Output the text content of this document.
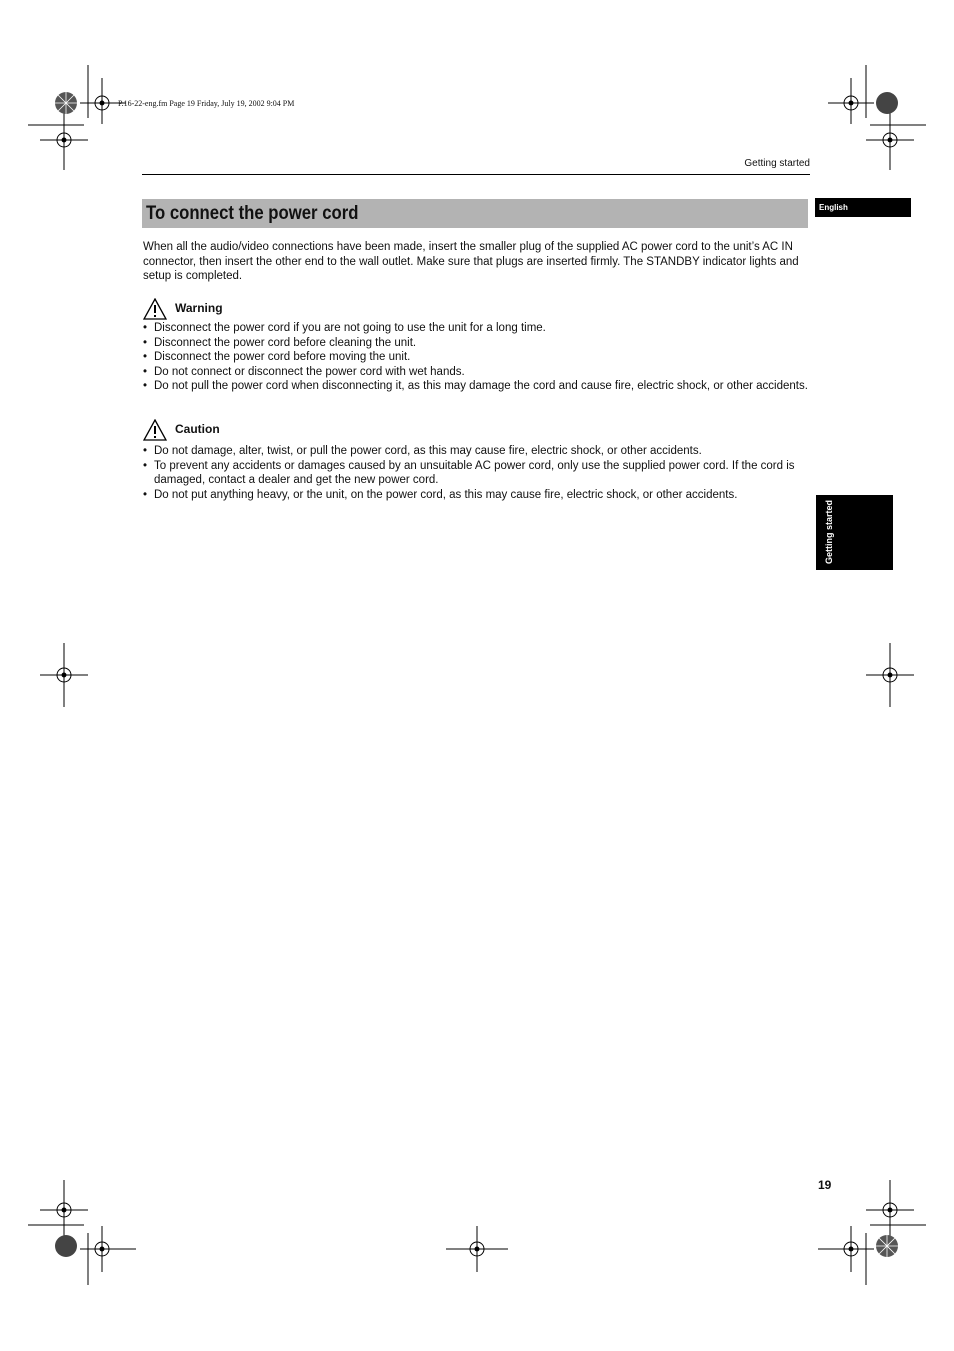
P.16-22-eng.fm Page 19 Friday, July 19, 2002 9:04 PM
Getting started
English
To connect the power cord
When all the audio/video connections have been made, insert the smaller plug of the supplied AC power cord to the unit’s AC IN connector, then insert the other end to the wall outlet. Make sure that plugs are inserted firmly. The STANDBY indicator lights and setup is completed.
Warning
• Disconnect the power cord if you are not going to use the unit for a long time.
• Disconnect the power cord before cleaning the unit.
• Disconnect the power cord before moving the unit.
• Do not connect or disconnect the power cord with wet hands.
• Do not pull the power cord when disconnecting it, as this may damage the cord and cause fire, electric shock, or other accidents.
Caution
• Do not damage, alter, twist, or pull the power cord, as this may cause fire, electric shock, or other accidents.
• To prevent any accidents or damages caused by an unsuitable AC power cord, only use the supplied power cord. If the cord is damaged, contact a dealer and get the new power cord.
• Do not put anything heavy, or the unit, on the power cord, as this may cause fire, electric shock, or other accidents.
Getting started
19
